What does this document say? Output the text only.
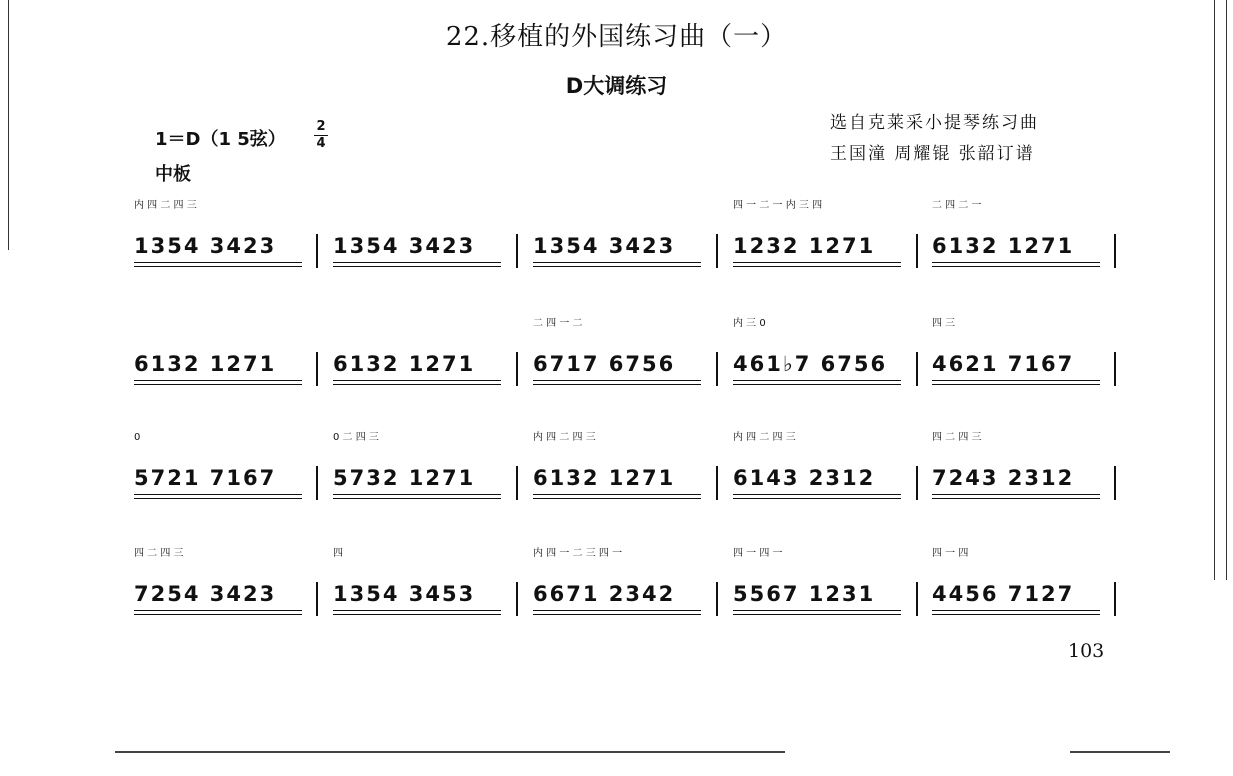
22.移植的外国练习曲（一）
D大调练习
选自克莱采小提琴练习曲
王国潼 周耀锟 张韶订谱
1＝D（1 5弦）
2
4
中板
内 四 二 四 三
1354 3423	1354 3423	1354 3423
四 一 二 一 内 三 四
1232 1271
二 四 二 一
6132 1271
6132 1271	6132 1271
二 四 一 二
6717 6756
内 三 0
461♭7 6756
四 三
4621 7167
0
5721 7167
0 二 四 三
5732 1271
内 四 二 四 三
6132 1271
内 四 二 四 三
6143 2312
四 二 四 三
7243 2312
四 二 四 三
7254 3423
四
1354 3453
内 四 一 二 三 四 一
6671 2342
四 一 四 一
5567 1231
四 一 四
4456 7127
103
